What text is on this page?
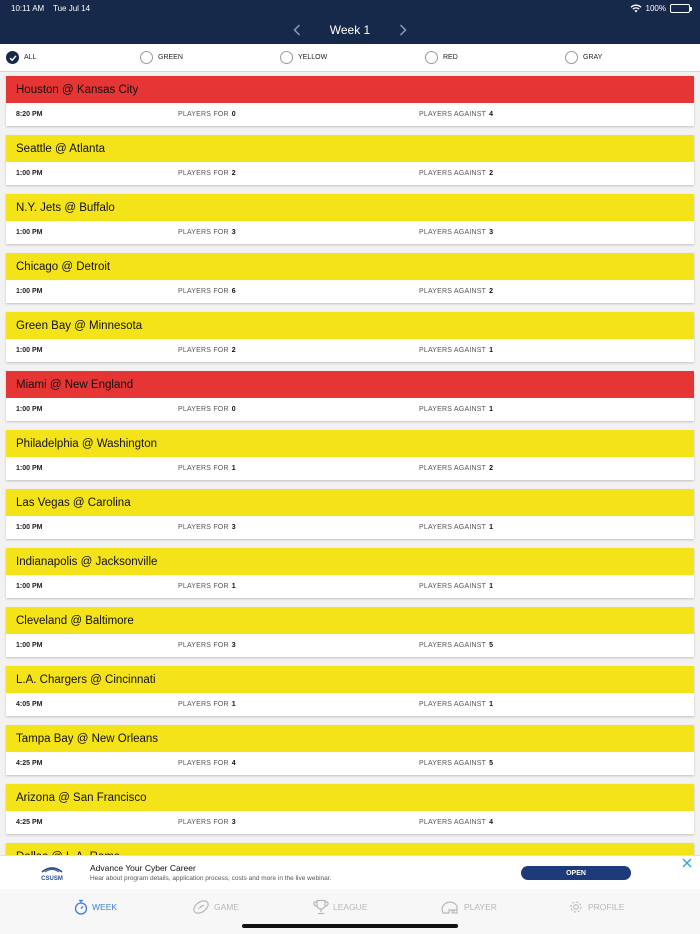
10:11 AM Tue Jul 14	100%
Week 1
ALL	GREEN	YELLOW	RED	GRAY
Houston @ Kansas City
8:20 PM	PLAYERS FOR 0	PLAYERS AGAINST 4
Seattle @ Atlanta
1:00 PM	PLAYERS FOR 2	PLAYERS AGAINST 2
N.Y. Jets @ Buffalo
1:00 PM	PLAYERS FOR 3	PLAYERS AGAINST 3
Chicago @ Detroit
1:00 PM	PLAYERS FOR 6	PLAYERS AGAINST 2
Green Bay @ Minnesota
1:00 PM	PLAYERS FOR 2	PLAYERS AGAINST 1
Miami @ New England
1:00 PM	PLAYERS FOR 0	PLAYERS AGAINST 1
Philadelphia @ Washington
1:00 PM	PLAYERS FOR 1	PLAYERS AGAINST 2
Las Vegas @ Carolina
1:00 PM	PLAYERS FOR 3	PLAYERS AGAINST 1
Indianapolis @ Jacksonville
1:00 PM	PLAYERS FOR 1	PLAYERS AGAINST 1
Cleveland @ Baltimore
1:00 PM	PLAYERS FOR 3	PLAYERS AGAINST 5
L.A. Chargers @ Cincinnati
4:05 PM	PLAYERS FOR 1	PLAYERS AGAINST 1
Tampa Bay @ New Orleans
4:25 PM	PLAYERS FOR 4	PLAYERS AGAINST 5
Arizona @ San Francisco
4:25 PM	PLAYERS FOR 3	PLAYERS AGAINST 4
CSUSM
Advance Your Cyber Career
Hear about program details, application process, costs and more in the live webinar.
OPEN
WEEK	GAME	LEAGUE	PLAYER	PROFILE
